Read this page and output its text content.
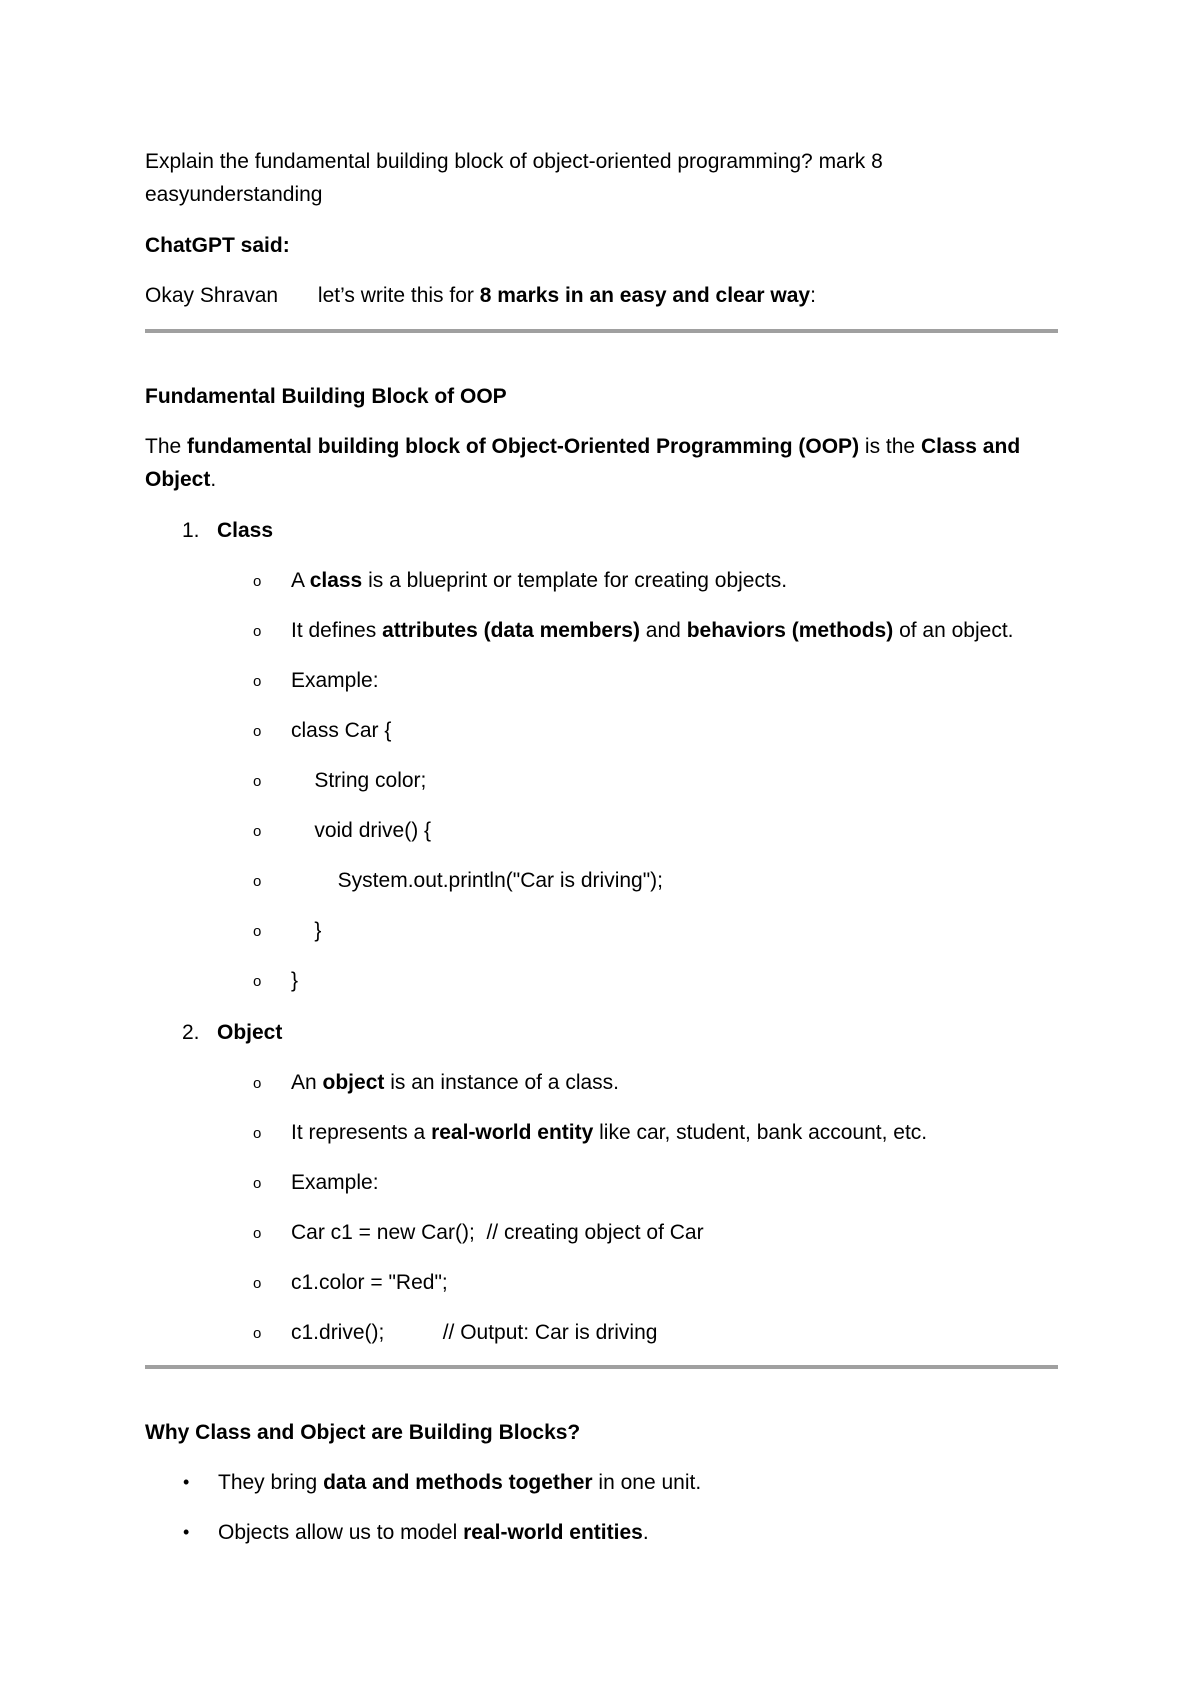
Explain the fundamental building block of object-oriented programming? mark 8
easyunderstanding
ChatGPT said:
Okay Shravan let’s write this for 8 marks in an easy and clear way:
Fundamental Building Block of OOP
The fundamental building block of Object-Oriented Programming (OOP) is the Class and
Object.
1. Class
o	A class is a blueprint or template for creating objects.
o	It defines attributes (data members) and behaviors (methods) of an object.
o	Example:
o	class Car {
o	String color;
o	void drive() {
o	System.out.println("Car is driving");
o	}
o	}
2. Object
o	An object is an instance of a class.
o	It represents a real-world entity like car, student, bank account, etc.
o	Example:
o	Car c1 = new Car();  // creating object of Car
o	c1.color = "Red";
o	c1.drive();          // Output: Car is driving
Why Class and Object are Building Blocks?
• They bring data and methods together in one unit.
• Objects allow us to model real-world entities.
